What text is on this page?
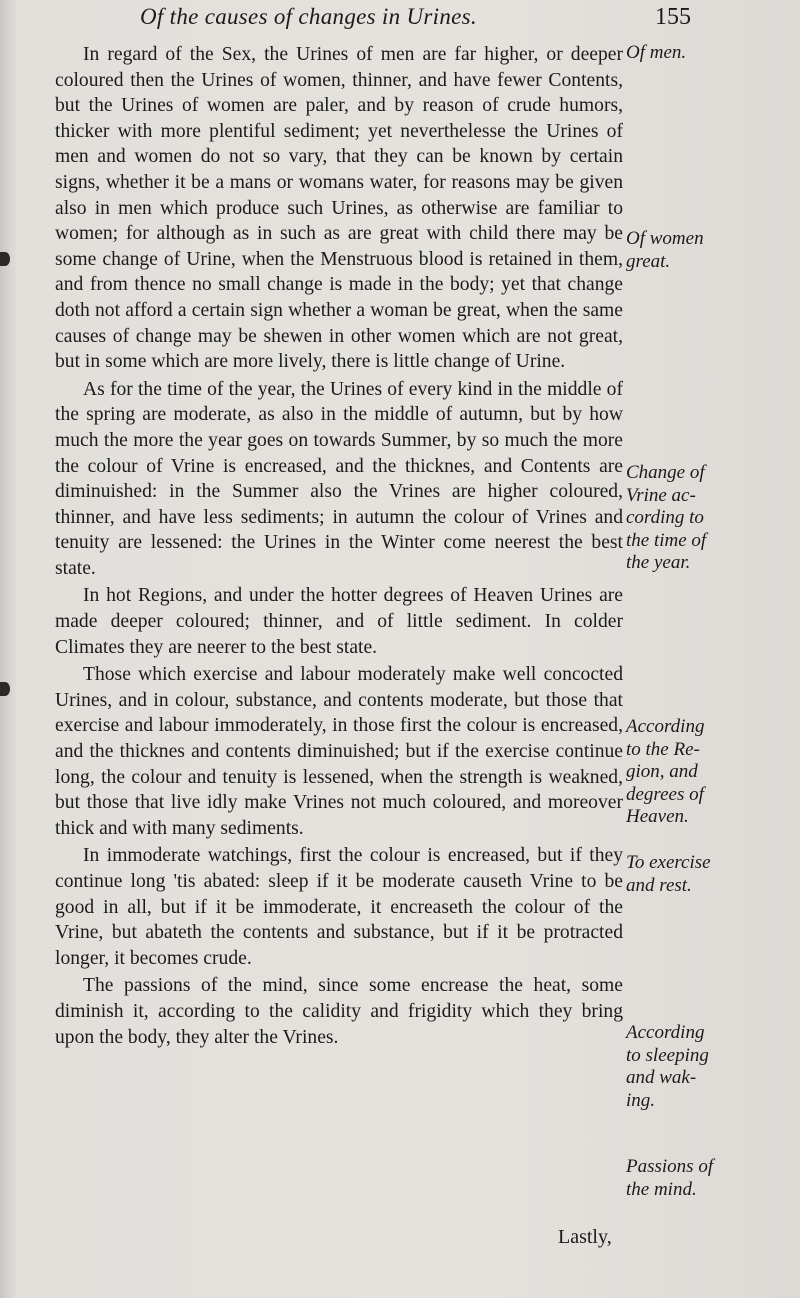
Of the causes of changes in Urines.	155

In regard of the Sex, the Urines of men are far higher, or deeper coloured then the Urines of women, thinner, and have fewer Contents, but the Urines of women are paler, and by reason of crude humors, thicker with more plentiful sediment; yet neverthelesse the Urines of men and women do not so vary, that they can be known by certain signs, whether it be a mans or womans water, for reasons may be given also in men which produce such Urines, as otherwise are familiar to women; for although as in such as are great with child there may be some change of Urine, when the Menstruous blood is retained in them, and from thence no small change is made in the body; yet that change doth not afford a certain sign whether a woman be great, when the same causes of change may be shewen in other women which are not great, but in some which are more lively, there is little change of Urine.

As for the time of the year, the Urines of every kind in the middle of the spring are moderate, as also in the middle of autumn, but by how much the more the year goes on towards Summer, by so much the more the colour of Vrine is encreased, and the thicknes, and Contents are diminuished: in the Summer also the Vrines are higher coloured, thinner, and have less sediments; in autumn the colour of Vrines and tenuity are lessened: the Urines in the Winter come neerest the best state.

In hot Regions, and under the hotter degrees of Heaven Urines are made deeper coloured; thinner, and of little sediment. In colder Climates they are neerer to the best state.

Those which exercise and labour moderately make well concocted Urines, and in colour, substance, and contents moderate, but those that exercise and labour immoderately, in those first the colour is encreased, and the thicknes and contents diminuished; but if the exercise continue long, the colour and tenuity is lessened, when the strength is weakned, but those that live idly make Vrines not much coloured, and moreover thick and with many sediments.

In immoderate watchings, first the colour is encreased, but if they continue long 'tis abated: sleep if it be moderate causeth Vrine to be good in all, but if it be immoderate, it encreaseth the colour of the Vrine, but abateth the contents and substance, but if it be protracted longer, it becomes crude.

The passions of the mind, since some encrease the heat, some diminish it, according to the calidity and frigidity which they bring upon the body, they alter the Vrines.

Of men.
Of women
great.
Change of
Vrine ac-
cording to
the time of
the year.
According
to the Re-
gion, and
degrees of
Heaven.
To exercise
and rest.
According
to sleeping
and wak-
ing.
Passions of
the mind.
Lastly,
